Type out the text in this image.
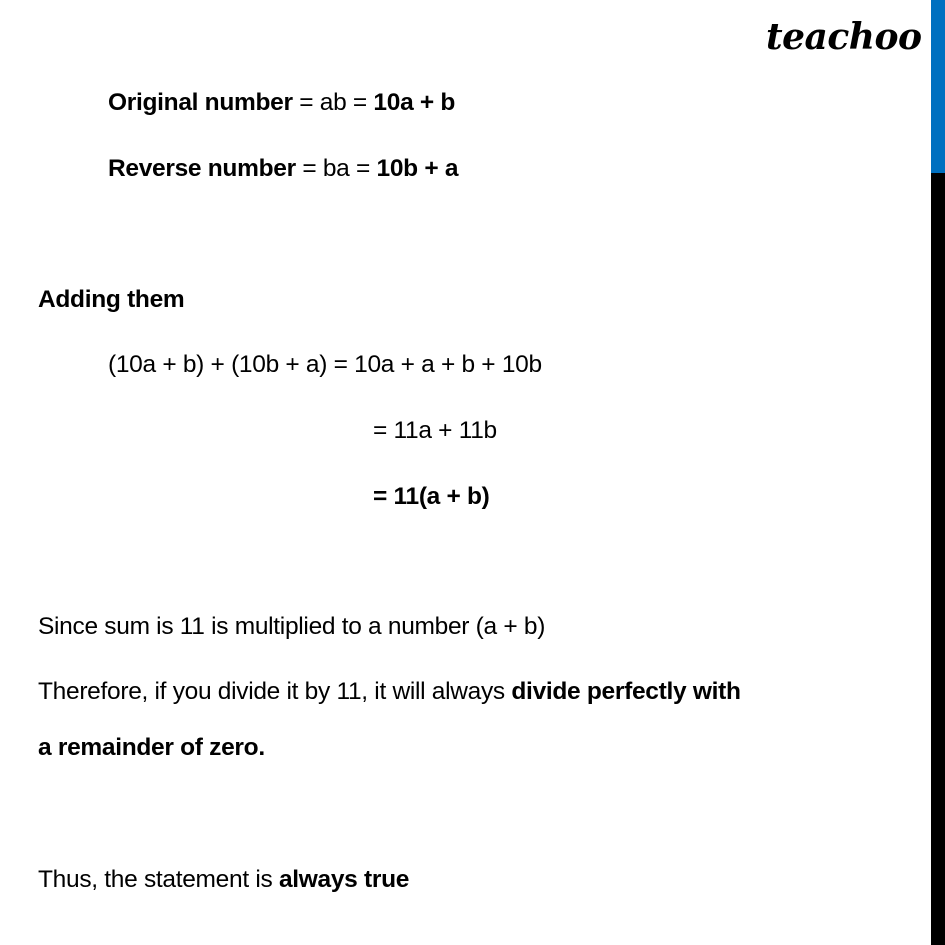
teachoo
Original number = ab = 10a + b
Reverse number = ba = 10b + a
Adding them
(10a + b) + (10b + a) = 10a + a + b + 10b
= 11a + 11b
= 11(a + b)
Since sum is 11 is multiplied to a number (a + b)
Therefore, if you divide it by 11, it will always divide perfectly with
a remainder of zero.
Thus, the statement is always true
